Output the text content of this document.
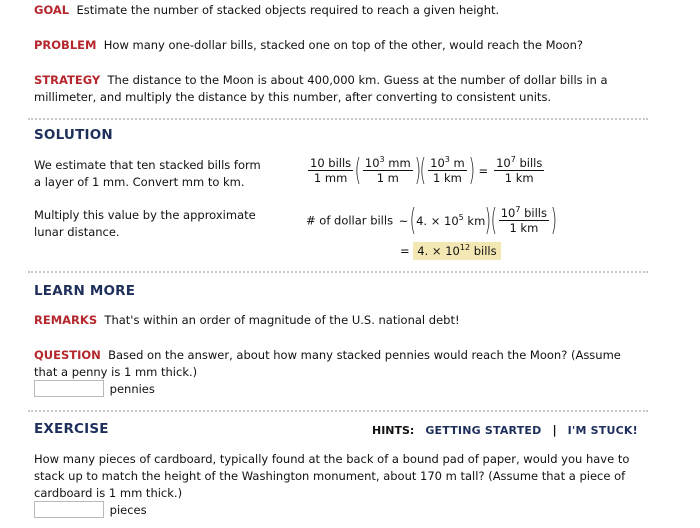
GOAL Estimate the number of stacked objects required to reach a given height.
PROBLEM How many one-dollar bills, stacked one on top of the other, would reach the Moon?
STRATEGY The distance to the Moon is about 400,000 km. Guess at the number of dollar bills in a
millimeter, and multiply the distance by this number, after converting to consistent units.
SOLUTION
We estimate that ten stacked bills form
a layer of 1 mm. Convert mm to km.	$\frac{\text{10 bills}}{1 mm}$ ( $\frac{10^3 mm}{1 m}$ )( $\frac{10^3 m}{1 km}$ ) = $\frac{10^7 bills}{1 km}$
Multiply this value by the approximate
lunar distance.
# of dollar bills ~(4. × $10^5$ $km)( \frac{10^7 bills}{1 km}$ )
= 4. × $10^{12}$ bills
LEARN MORE
REMARKS That's within an order of magnitude of the U.S. national debt!
QUESTION Based on the answer, about how many stacked pennies would reach the Moon? (Assume
that a penny is 1 mm thick.)
pennies
EXERCISE	HINTS: GETTING STARTED | I'M STUCK!
How many pieces of cardboard, typically found at the back of a bound pad of paper, would you have to
stack up to match the height of the Washington monument, about 170 m tall? (Assume that a piece of
cardboard is 1 mm thick.)
pieces
